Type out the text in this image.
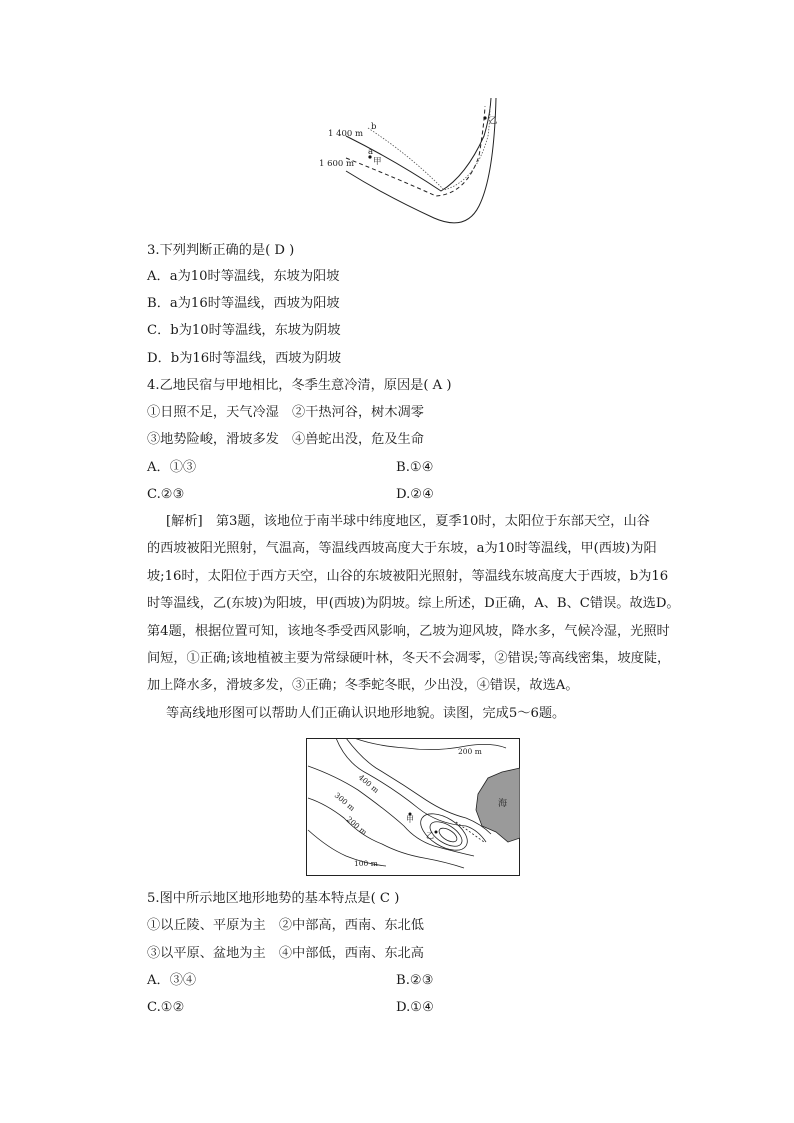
1 400 m
1 600 m
b
a
甲
乙
3.下列判断正确的是( D )
A．a为10时等温线，东坡为阳坡
B．a为16时等温线，西坡为阳坡
C．b为10时等温线，东坡为阴坡
D．b为16时等温线，西坡为阴坡
4.乙地民宿与甲地相比，冬季生意冷清，原因是( A )
①日照不足，天气冷湿　②干热河谷，树木凋零
③地势险峻，滑坡多发　④兽蛇出没，危及生命
A．①③	B.①④
C.②③	D.②④
[解析]　第3题，该地位于南半球中纬度地区，夏季10时，太阳位于东部天空，山谷
的西坡被阳光照射，气温高，等温线西坡高度大于东坡，a为10时等温线，甲(西坡)为阳
坡;16时，太阳位于西方天空，山谷的东坡被阳光照射，等温线东坡高度大于西坡，b为16
时等温线，乙(东坡)为阳坡，甲(西坡)为阴坡。综上所述，D正确，A、B、C错误。故选D。
第4题，根据位置可知，该地冬季受西风影响，乙坡为迎风坡，降水多，气候冷湿，光照时
间短，①正确;该地植被主要为常绿硬叶林，冬天不会凋零，②错误;等高线密集，坡度陡，
加上降水多，滑坡多发，③正确；冬季蛇冬眠，少出没，④错误，故选A。
等高线地形图可以帮助人们正确认识地形地貌。读图，完成5～6题。
200 m
400 m
300 m
200 m
100 m
海
甲
乙
5.图中所示地区地形地势的基本特点是( C )
①以丘陵、平原为主　②中部高，西南、东北低
③以平原、盆地为主　④中部低，西南、东北高
A．③④	B.②③
C.①②	D.①④
